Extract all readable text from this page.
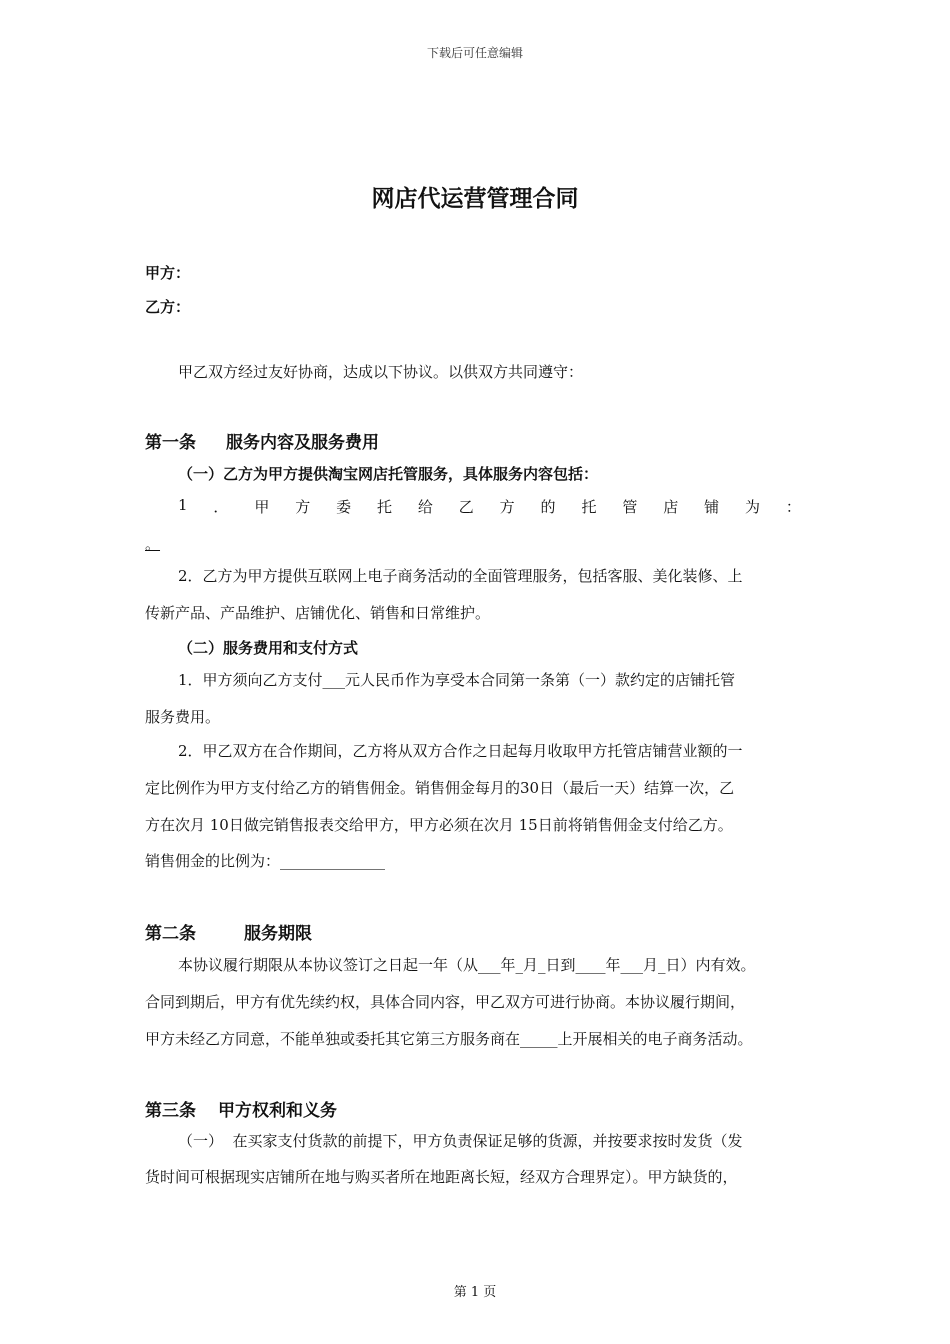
下载后可任意编辑
网店代运营管理合同
甲方：
乙方：
甲乙双方经过友好协商，达成以下协议。以供双方共同遵守：
第一条 服务内容及服务费用
（一）乙方为甲方提供淘宝网店托管服务，具体服务内容包括：
1 ． 甲 方 委 托 给 乙 方 的 托 管 店 铺 为 ：
。
2．乙方为甲方提供互联网上电子商务活动的全面管理服务，包括客服、美化装修、上
传新产品、产品维护、店铺优化、销售和日常维护。
（二）服务费用和支付方式
1．甲方须向乙方支付___元人民币作为享受本合同第一条第（一）款约定的店铺托管
服务费用。
2．甲乙双方在合作期间，乙方将从双方合作之日起每月收取甲方托管店铺营业额的一
定比例作为甲方支付给乙方的销售佣金。销售佣金每月的30日（最后一天）结算一次，乙
方在次月 10日做完销售报表交给甲方，甲方必须在次月 15日前将销售佣金支付给乙方。
销售佣金的比例为：______________
第二条	服务期限
本协议履行期限从本协议签订之日起一年（从___年_月_日到____年___月_日）内有效。
合同到期后，甲方有优先续约权，具体合同内容，甲乙双方可进行协商。本协议履行期间，
甲方未经乙方同意，不能单独或委托其它第三方服务商在_____上开展相关的电子商务活动。
第三条 甲方权利和义务
（一）  在买家支付货款的前提下，甲方负责保证足够的货源，并按要求按时发货（发
货时间可根据现实店铺所在地与购买者所在地距离长短，经双方合理界定）。甲方缺货的，
第 1 页
